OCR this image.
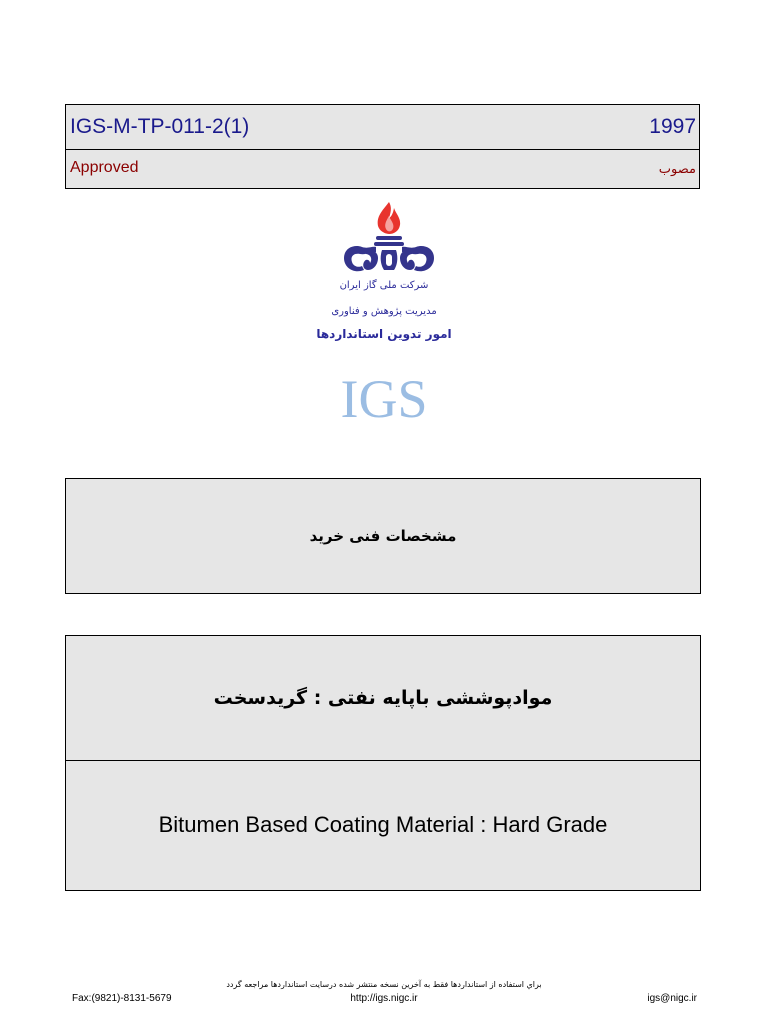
IGS-M-TP-011-2(1)	1997
Approved	مصوب
شرکت ملی گاز ایران
مدیریت پژوهش و فناوری
امور تدوین استانداردها
IGS
مشخصات فنی خرید
موادپوششی باپایه نفتی : گریدسخت
Bitumen Based Coating Material : Hard Grade
براي استفاده از استانداردها فقط به آخرین نسخه منتشر شده درسایت استانداردها مراجعه گردد
Fax:(9821)-8131-5679	http://igs.nigc.ir	igs@nigc.ir
